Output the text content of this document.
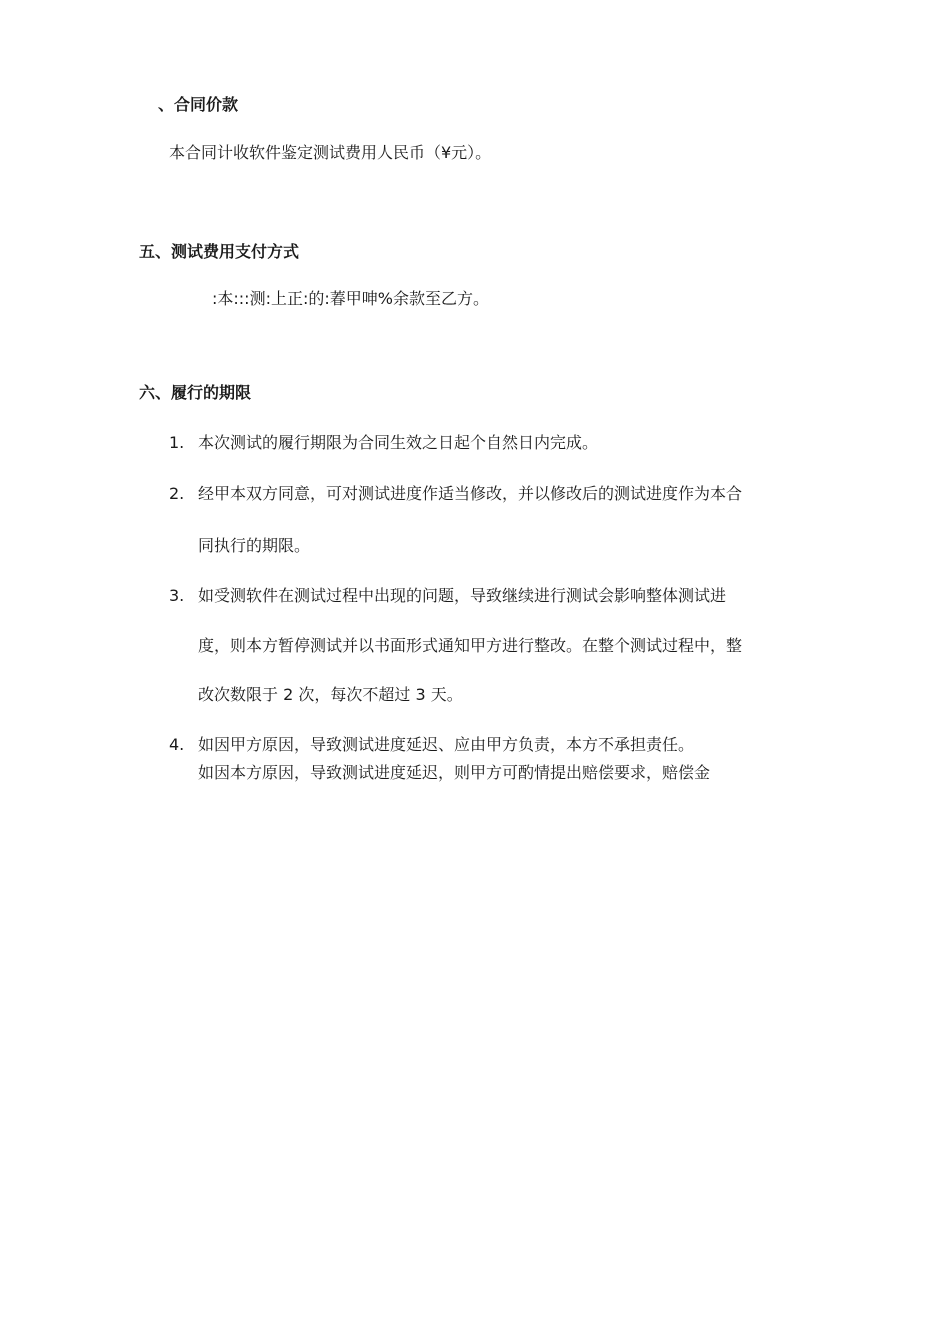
、合同价款
本合同计收软件鉴定测试费用人民币（¥元）。
五、测试费用支付方式
:本:::测:上正:的:萶甲呻%余款至乙方。
六、履行的期限
1. 本次测试的履行期限为合同生效之日起个自然日内完成。
2. 经甲本双方同意，可对测试进度作适当修改，并以修改后的测试进度作为本合
同执行的期限。
3. 如受测软件在测试过程中出现的问题，导致继续进行测试会影响整体测试进
度，则本方暂停测试并以书面形式通知甲方进行整改。在整个测试过程中，整
改次数限于 2 次，每次不超过 3 天。
4. 如因甲方原因，导致测试进度延迟、应由甲方负责，本方不承担责任。
如因本方原因，导致测试进度延迟，则甲方可酌情提出赔偿要求，赔偿金
